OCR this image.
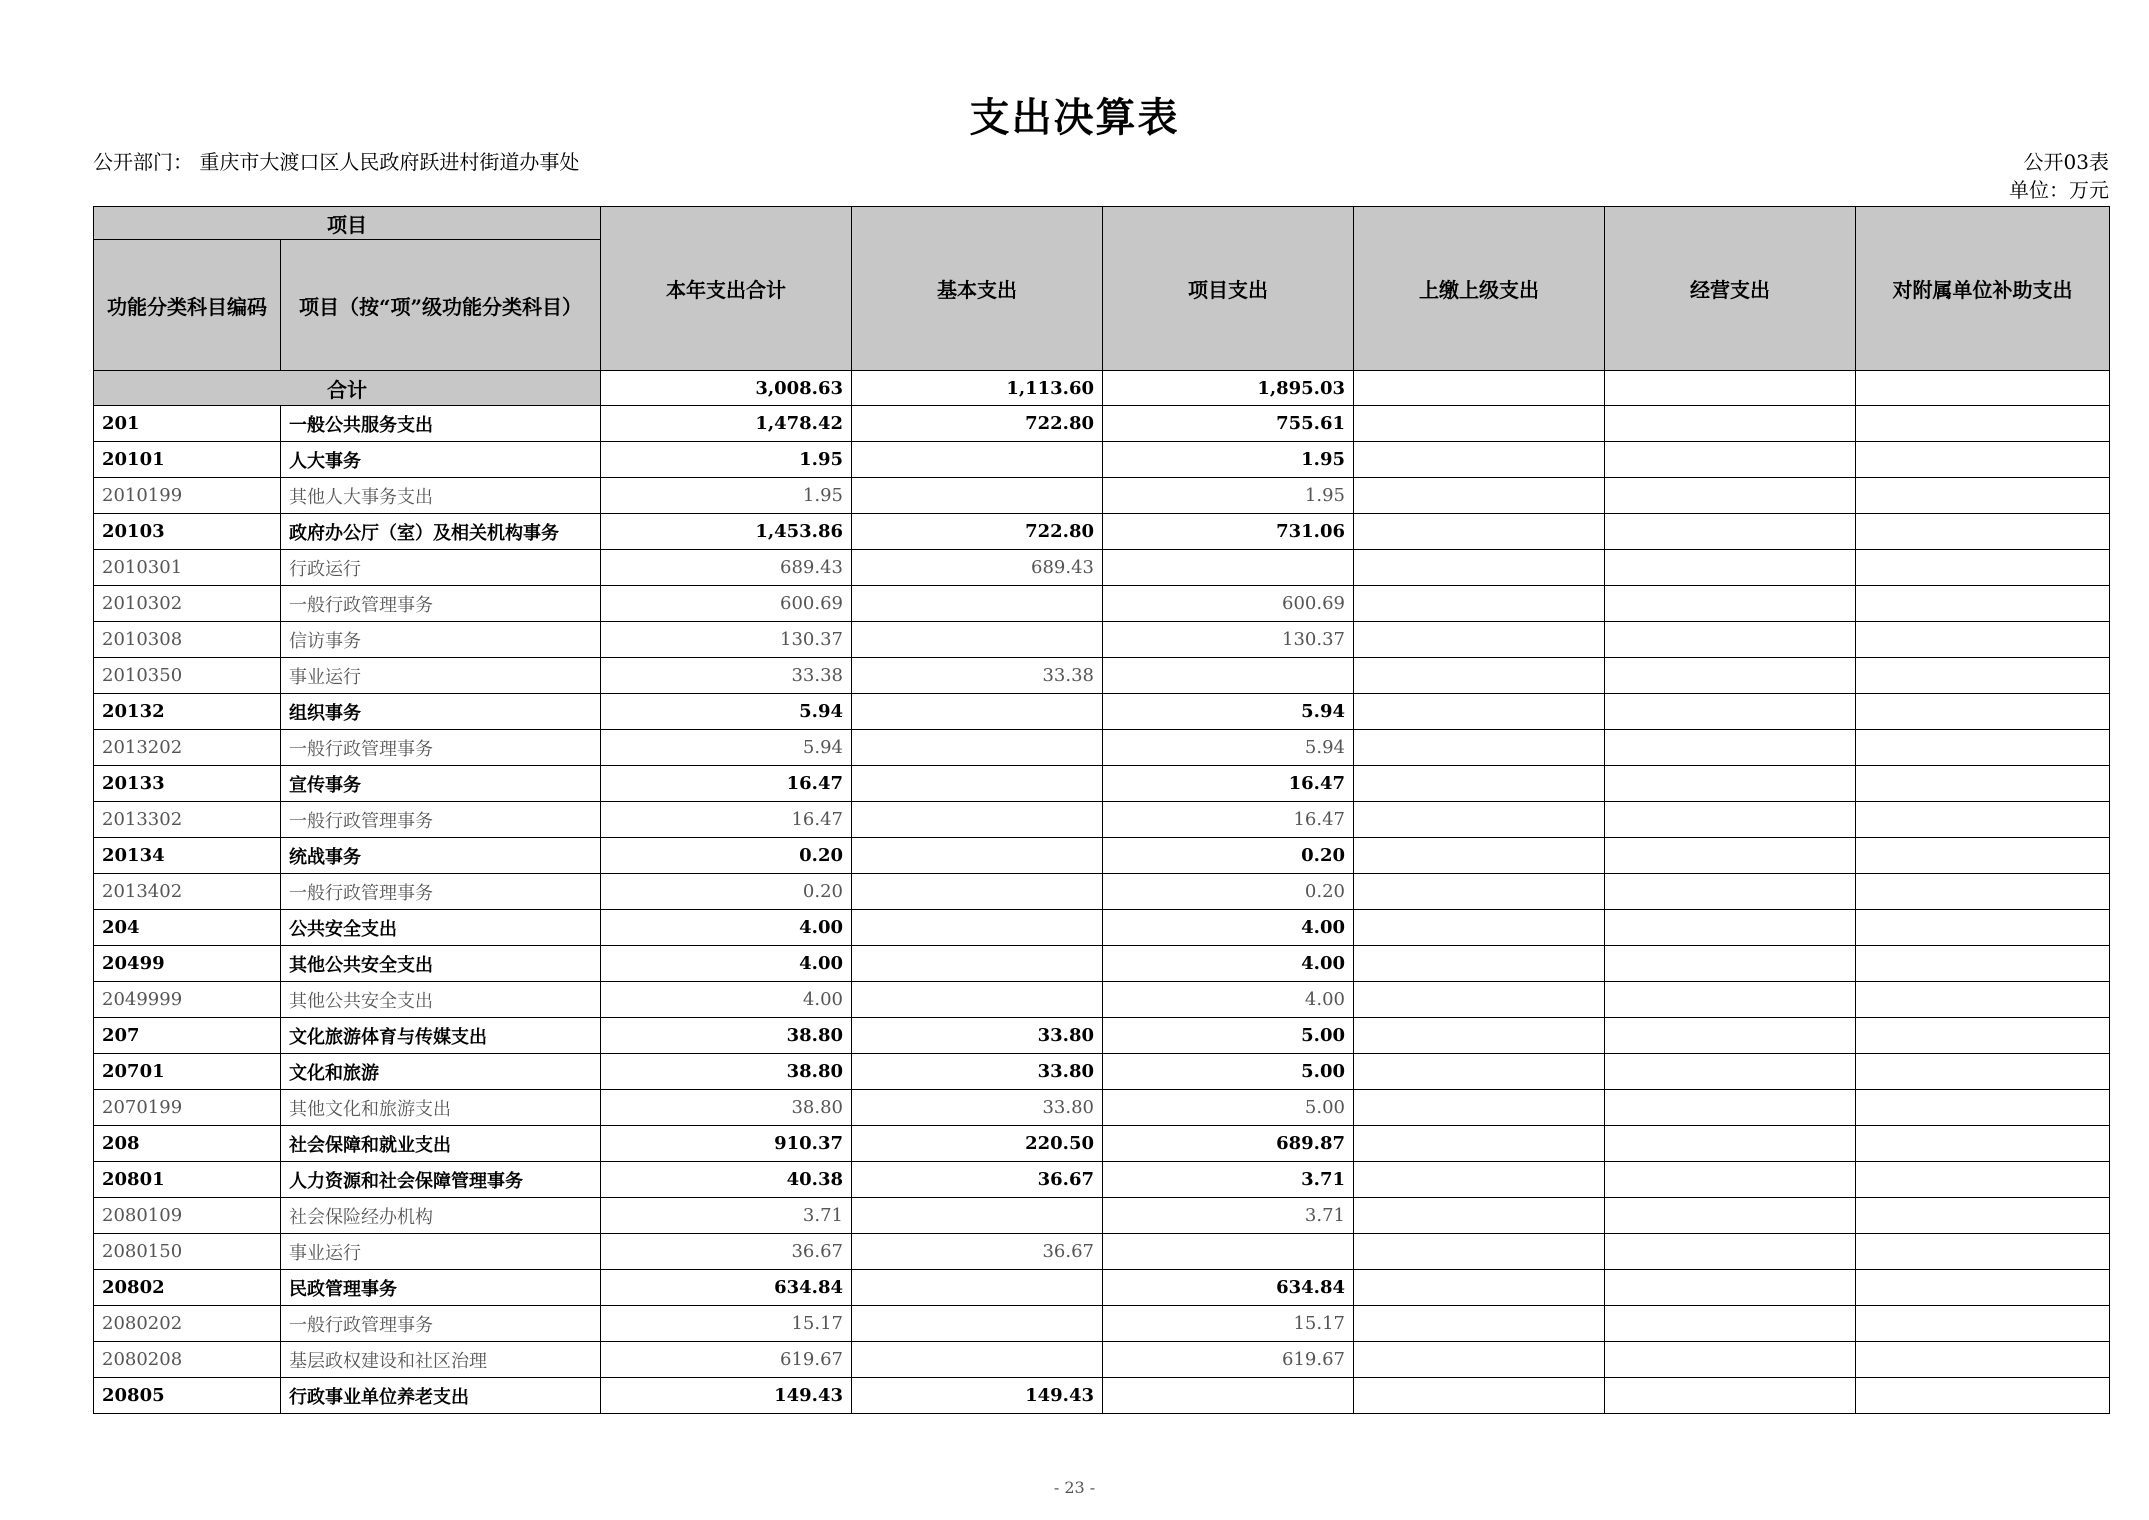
支出决算表
公开部门： 重庆市大渡口区人民政府跃进村街道办事处	公开03表
单位：万元
项目		本年支出合计	基本支出	项目支出	上缴上级支出	经营支出	对附属单位补助支出
功能分类科目编码	项目（按“项”级功能分类科目）						
合计		3,008.63	1,113.60	1,895.03			
201	一般公共服务支出	1,478.42	722.80	755.61			
20101	人大事务	1.95		1.95			
2010199	其他人大事务支出	1.95		1.95			
20103	政府办公厅（室）及相关机构事务	1,453.86	722.80	731.06			
2010301	行政运行	689.43	689.43				
2010302	一般行政管理事务	600.69		600.69			
2010308	信访事务	130.37		130.37			
2010350	事业运行	33.38	33.38				
20132	组织事务	5.94		5.94			
2013202	一般行政管理事务	5.94		5.94			
20133	宣传事务	16.47		16.47			
2013302	一般行政管理事务	16.47		16.47			
20134	统战事务	0.20		0.20			
2013402	一般行政管理事务	0.20		0.20			
204	公共安全支出	4.00		4.00			
20499	其他公共安全支出	4.00		4.00			
2049999	其他公共安全支出	4.00		4.00			
207	文化旅游体育与传媒支出	38.80	33.80	5.00			
20701	文化和旅游	38.80	33.80	5.00			
2070199	其他文化和旅游支出	38.80	33.80	5.00			
208	社会保障和就业支出	910.37	220.50	689.87			
20801	人力资源和社会保障管理事务	40.38	36.67	3.71			
2080109	社会保险经办机构	3.71		3.71			
2080150	事业运行	36.67	36.67				
20802	民政管理事务	634.84		634.84			
2080202	一般行政管理事务	15.17		15.17			
2080208	基层政权建设和社区治理	619.67		619.67			
20805	行政事业单位养老支出	149.43	149.43				
- 23 -
